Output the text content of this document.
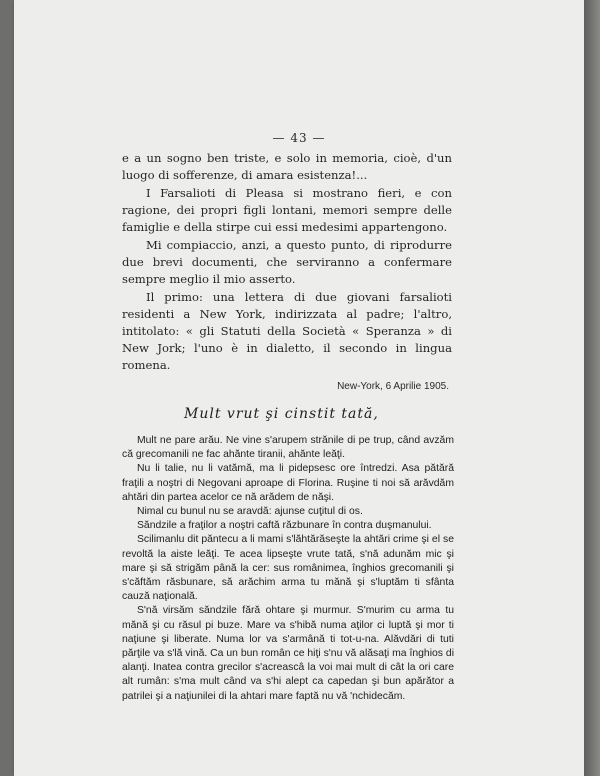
— 43 —

e a un sogno ben triste, e solo in memoria, cioè, d'un luogo di sofferenze, di amara esistenza!...

I Farsalioti di Pleasa si mostrano fieri, e con ragione, dei propri figli lontani, memori sempre delle famiglie e della stirpe cui essi medesimi appartengono.

Mi compiaccio, anzi, a questo punto, di riprodurre due brevi documenti, che serviranno a confermare sempre meglio il mio asserto.

Il primo: una lettera di due giovani farsalioti residenti a New York, indirizzata al padre; l'altro, intitolato: « gli Statuti della Società « Speranza » di New Jork; l'uno è in dialetto, il secondo in lingua romena.

New-York, 6 Aprilie 1905.
Mult vrut şi cinstit tată,

Mult ne pare arău. Ne vine s'arupem strănile di pe trup, când avzăm că grecomanili ne fac ahănte tiranii, ahănte leăţi.

Nu li talie, nu li vatămă, ma li pidepsesc ore întredzi. Asa pătără fraţili a noştri di Negovani aproape di Florina. Ruşine ti noi să arăvdăm ahtări din partea acelor ce nă arădem de năşi.

Nimal cu bunul nu se aravdă: ajunse cuţitul di os.

Săndzile a fraţilor a noştri caftă răzbunare în contra duşmanului.

Scilimanlu dit păntecu a li mami s'lăhtărăseşte la ahtări crime şi el se revoltă la aiste leăţi. Te acea lipseşte vrute tată, s'nă adunăm mic şi mare şi să strigăm până la cer: sus românimea, înghios grecomanili şi s'căftăm răsbunare, să arăchim arma tu mănă şi s'luptăm ti sfânta cauză naţională.

S'nă virsăm săndzile fără ohtare şi murmur. S'murim cu arma tu mănă şi cu răsul pi buze. Mare va s'hibă numa aţilor ci luptă şi mor ti naţiune şi liberate. Numa lor va s'armână ti tot-u-na. Alăvdări di tuti părţile va s'lă vină. Ca un bun român ce hiţi s'nu vă alăsaţi ma înghios di alanţi. Inatea contra grecilor s'acreascâ la voi mai mult di cât la ori care alt rumân: s'ma mult când va s'hi alept ca capedan şi bun apărător a patrilei şi a naţiunilei di la ahtari mare faptă nu vă 'nchidecăm.
